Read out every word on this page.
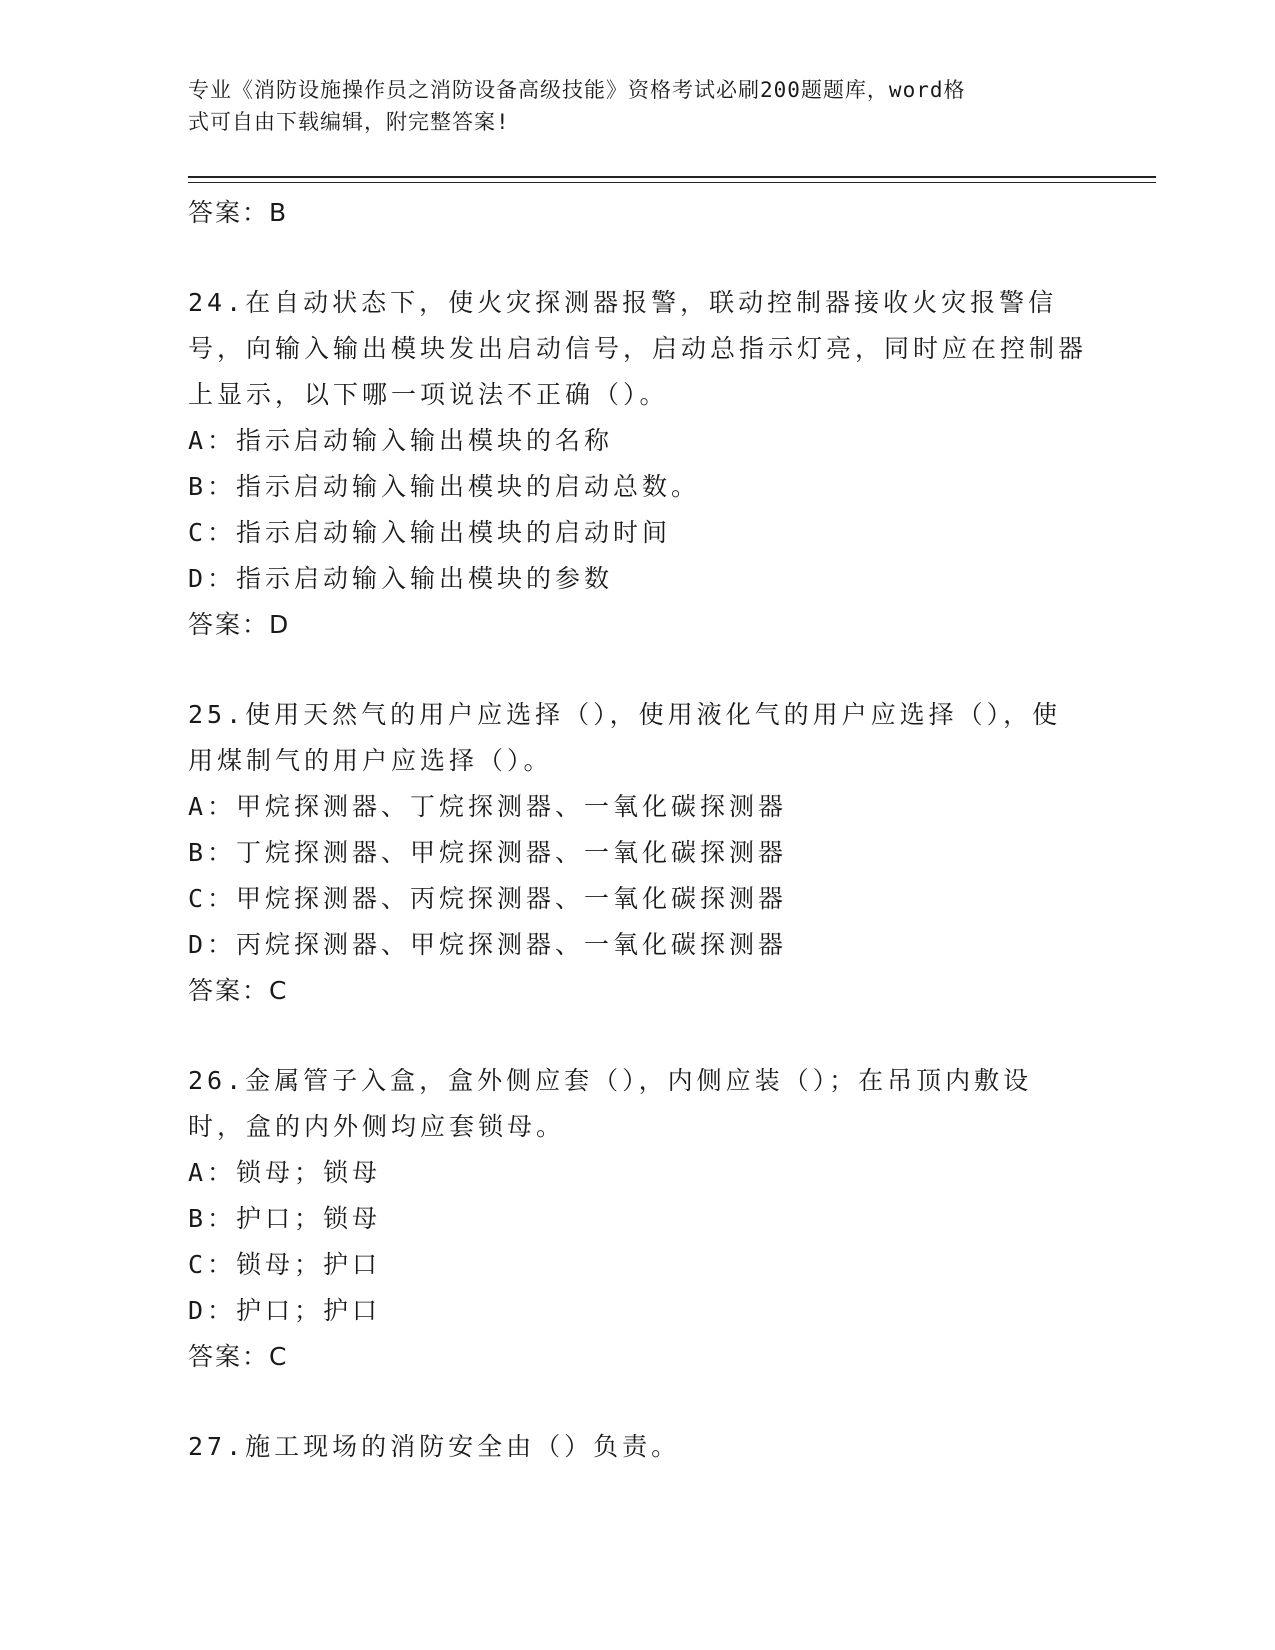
专业《消防设施操作员之消防设备高级技能》资格考试必刷200题题库，word格
式可自由下载编辑，附完整答案!
答案：B
24.在自动状态下，使火灾探测器报警，联动控制器接收火灾报警信号，向输入输出模块发出启动信号，启动总指示灯亮，同时应在控制器上显示，以下哪一项说法不正确（）。
A：指示启动输入输出模块的名称
B：指示启动输入输出模块的启动总数。
C：指示启动输入输出模块的启动时间
D：指示启动输入输出模块的参数
答案：D
25.使用天然气的用户应选择（），使用液化气的用户应选择（），使用煤制气的用户应选择（）。
A：甲烷探测器、丁烷探测器、一氧化碳探测器
B：丁烷探测器、甲烷探测器、一氧化碳探测器
C：甲烷探测器、丙烷探测器、一氧化碳探测器
D：丙烷探测器、甲烷探测器、一氧化碳探测器
答案：C
26.金属管子入盒，盒外侧应套（），内侧应装（）；在吊顶内敷设时，盒的内外侧均应套锁母。
A：锁母；锁母
B：护口；锁母
C：锁母；护口
D：护口；护口
答案：C
27.施工现场的消防安全由（）负责。
